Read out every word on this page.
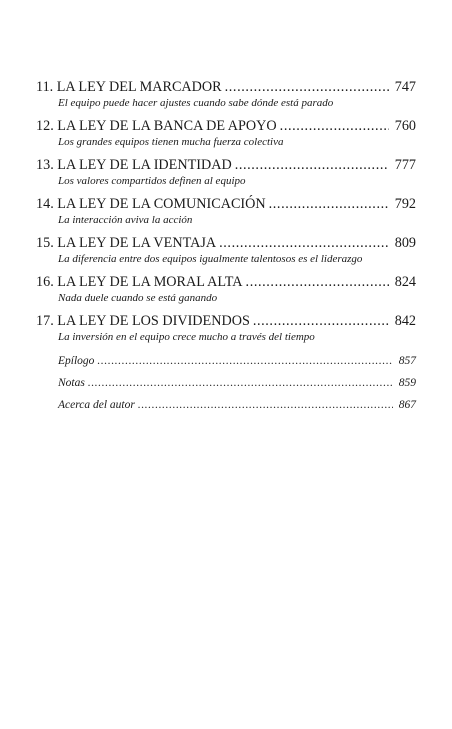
11. LA LEY DEL MARCADOR .....	747
El equipo puede hacer ajustes cuando sabe dónde está parado
12. LA LEY DE LA BANCA DE APOYO .....	760
Los grandes equipos tienen mucha fuerza colectiva
13. LA LEY DE LA IDENTIDAD .....	777
Los valores compartidos definen al equipo
14. LA LEY DE LA COMUNICACIÓN .....	792
La interacción aviva la acción
15. LA LEY DE LA VENTAJA .....	809
La diferencia entre dos equipos igualmente talentosos es el liderazgo
16. LA LEY DE LA MORAL ALTA .....	824
Nada duele cuando se está ganando
17. LA LEY DE LOS DIVIDENDOS .....	842
La inversión en el equipo crece mucho a través del tiempo
Epílogo .....	857
Notas .....	859
Acerca del autor .....	867
